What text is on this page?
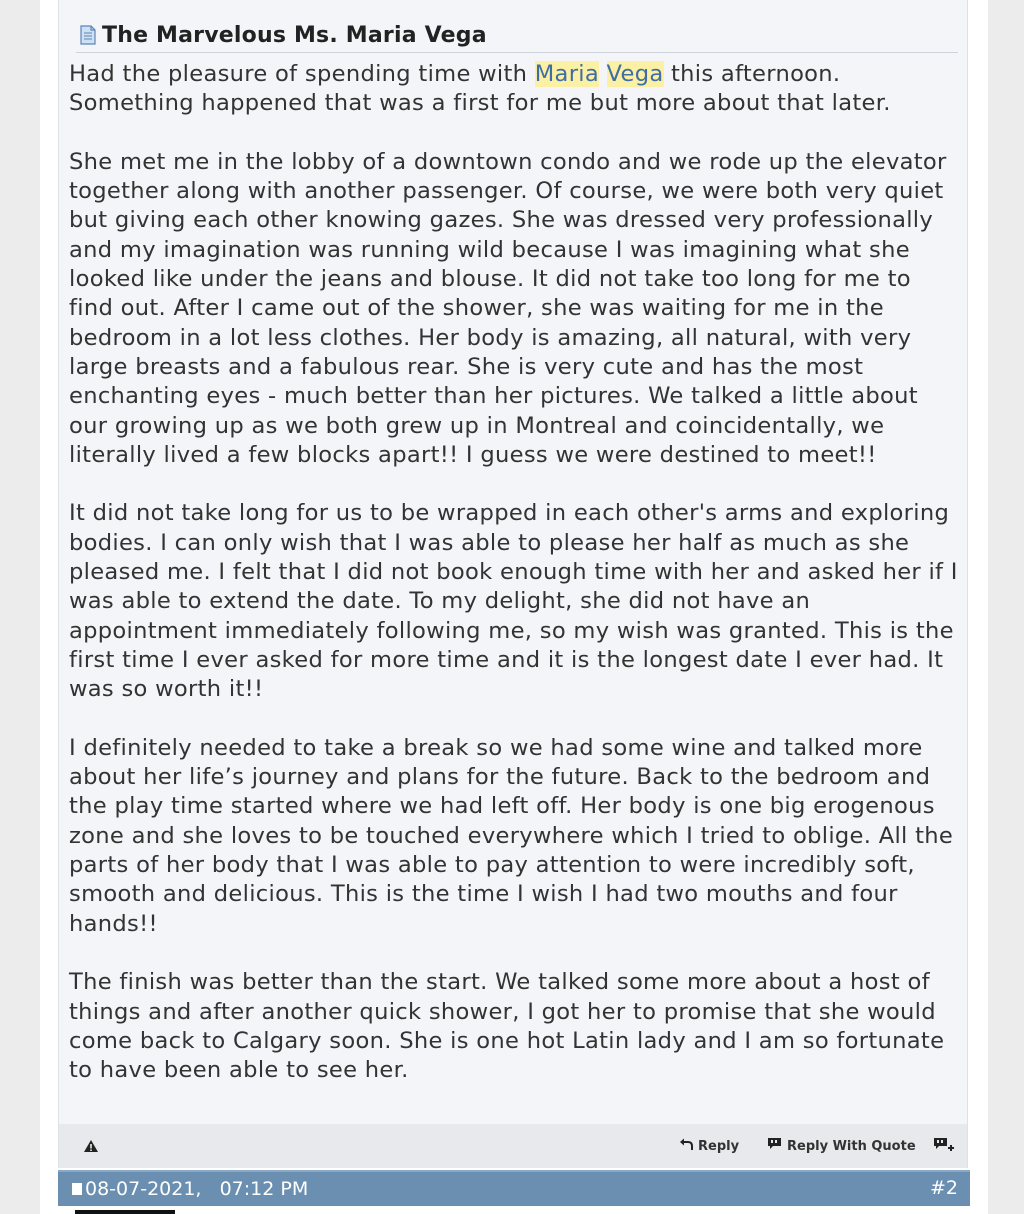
The Marvelous Ms. Maria Vega

Had the pleasure of spending time with Maria Vega this afternoon. Something happened that was a first for me but more about that later.

She met me in the lobby of a downtown condo and we rode up the elevator together along with another passenger. Of course, we were both very quiet but giving each other knowing gazes. She was dressed very professionally and my imagination was running wild because I was imagining what she looked like under the jeans and blouse. It did not take too long for me to find out. After I came out of the shower, she was waiting for me in the bedroom in a lot less clothes. Her body is amazing, all natural, with very large breasts and a fabulous rear. She is very cute and has the most enchanting eyes - much better than her pictures. We talked a little about our growing up as we both grew up in Montreal and coincidentally, we literally lived a few blocks apart!! I guess we were destined to meet!!

It did not take long for us to be wrapped in each other's arms and exploring bodies. I can only wish that I was able to please her half as much as she pleased me. I felt that I did not book enough time with her and asked her if I was able to extend the date. To my delight, she did not have an appointment immediately following me, so my wish was granted. This is the first time I ever asked for more time and it is the longest date I ever had. It was so worth it!!

I definitely needed to take a break so we had some wine and talked more about her life’s journey and plans for the future. Back to the bedroom and the play time started where we had left off. Her body is one big erogenous zone and she loves to be touched everywhere which I tried to oblige. All the parts of her body that I was able to pay attention to were incredibly soft, smooth and delicious. This is the time I wish I had two mouths and four hands!!

The finish was better than the start. We talked some more about a host of things and after another quick shower, I got her to promise that she would come back to Calgary soon. She is one hot Latin lady and I am so fortunate to have been able to see her.

Reply	Reply With Quote
08-07-2021,
07:12 PM	#2
